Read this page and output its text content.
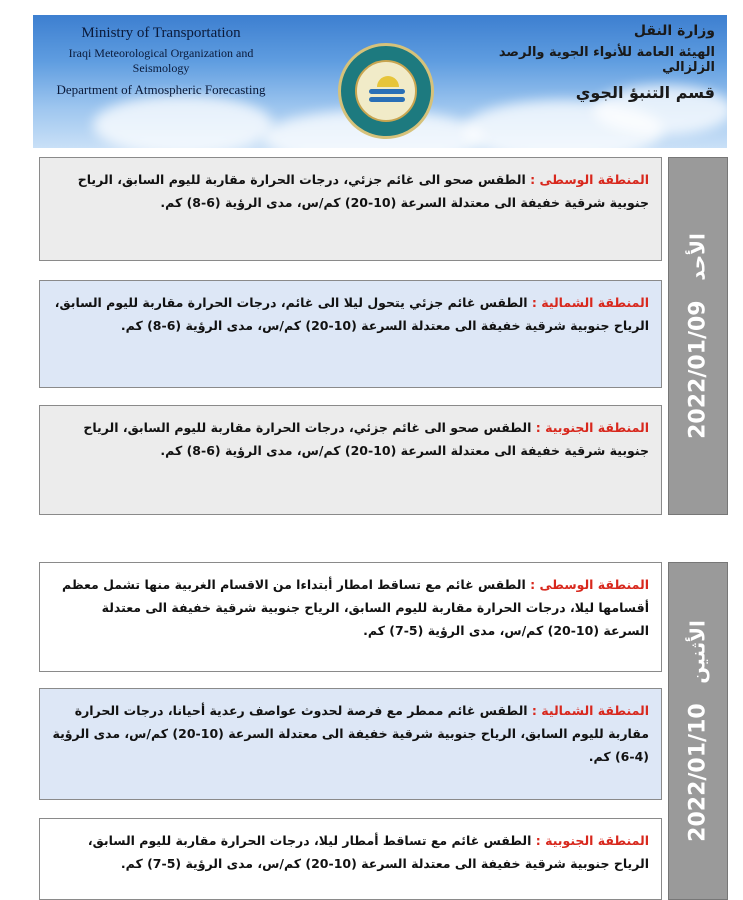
Ministry of Transportation
Iraqi Meteorological Organization and Seismology
Department of Atmospheric Forecasting
وزارة النقل
الهيئة العامة للأنواء الجوية والرصد الزلزالي
قسم التنبؤ الجوي
الأحد 2022/01/09
المنطقة الوسطى : الطقس صحو الى غائم جزئي، درجات الحرارة مقاربة لليوم السابق، الرياح جنوبية شرقية خفيفة الى معتدلة السرعة (10-20) كم/س، مدى الرؤية (6-8) كم.
المنطقة الشمالية : الطقس غائم جزئي يتحول ليلا الى غائم، درجات الحرارة مقاربة لليوم السابق، الرياح جنوبية شرقية خفيفة الى معتدلة السرعة (10-20) كم/س، مدى الرؤية (6-8) كم.
المنطقة الجنوبية : الطقس صحو الى غائم جزئي، درجات الحرارة مقاربة لليوم السابق، الرياح جنوبية شرقية خفيفة الى معتدلة السرعة (10-20) كم/س، مدى الرؤية (6-8) كم.
الأثنين 2022/01/10
المنطقة الوسطى : الطقس غائم مع تساقط امطار أبتداءا من الاقسام الغربية منها تشمل معظم أقسامها ليلا، درجات الحرارة مقاربة لليوم السابق، الرياح جنوبية شرقية خفيفة الى معتدلة السرعة (10-20) كم/س، مدى الرؤية (5-7) كم.
المنطقة الشمالية : الطقس غائم ممطر مع فرصة لحدوث عواصف رعدية أحيانا، درجات الحرارة مقاربة لليوم السابق، الرياح جنوبية شرقية خفيفة الى معتدلة السرعة (10-20) كم/س، مدى الرؤية (4-6) كم.
المنطقة الجنوبية : الطقس غائم مع تساقط أمطار ليلا، درجات الحرارة مقاربة لليوم السابق، الرياح جنوبية شرقية خفيفة الى معتدلة السرعة (10-20) كم/س، مدى الرؤية (5-7) كم.
